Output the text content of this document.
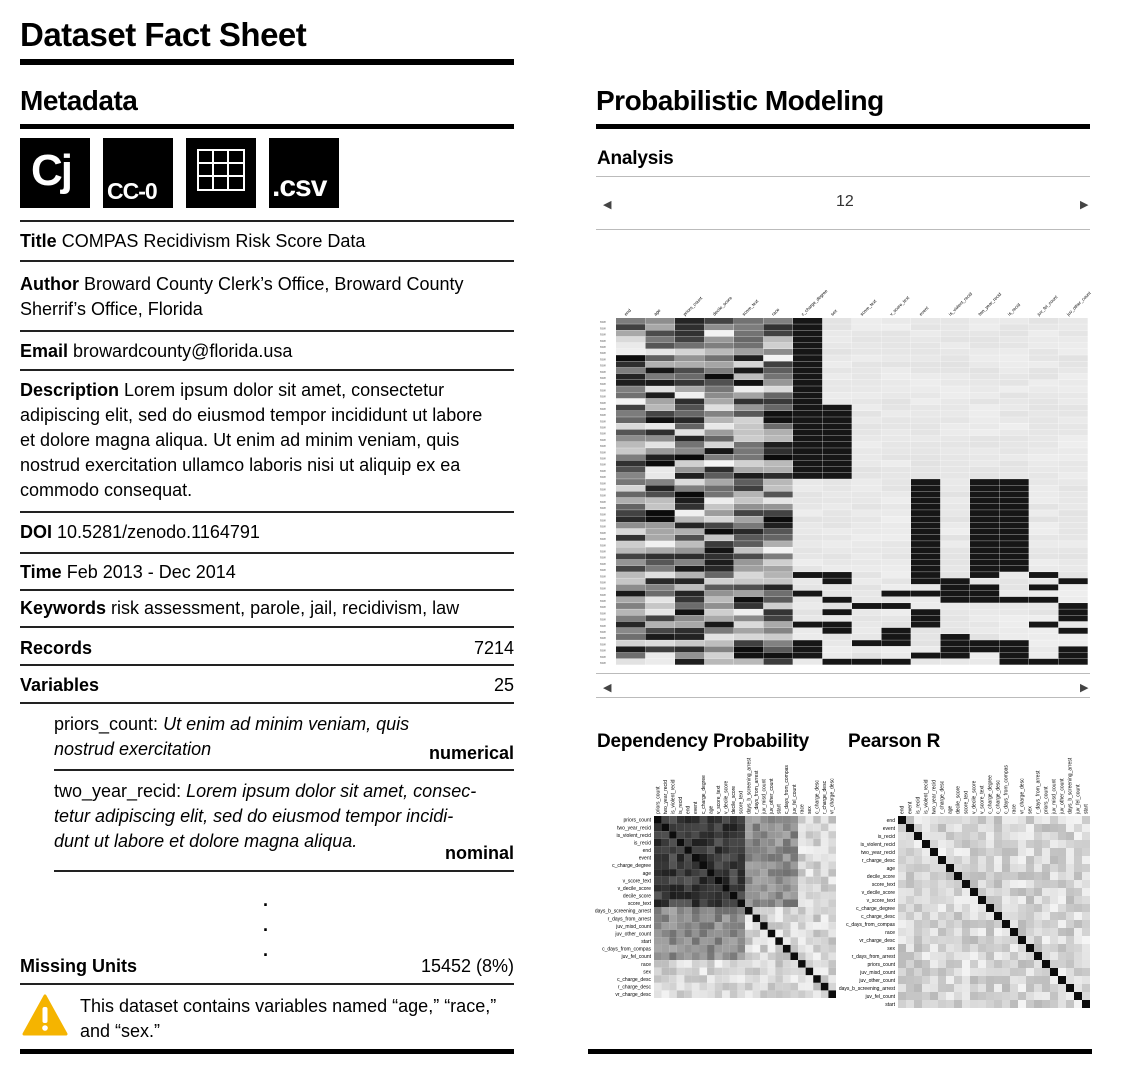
Dataset Fact Sheet
Metadata
Cj CC-0	.csv
Title COMPAS Recidivism Risk Score Data
Author Broward County Clerk’s Office, Broward County
Sherrif’s Office, Florida
Email browardcounty@florida.usa
Description Lorem ipsum dolor sit amet, consectetur
adipiscing elit, sed do eiusmod tempor incididunt ut labore
et dolore magna aliqua. Ut enim ad minim veniam, quis
nostrud exercitation ullamco laboris nisi ut aliquip ex ea
commodo consequat.
DOI 10.5281/zenodo.1164791
Time Feb 2013 - Dec 2014
Keywords risk assessment, parole, jail, recidivism, law
Records	7214
Variables	25
priors_count: Ut enim ad minim veniam, quis
nostrud exercitation	numerical
two_year_recid: Lorem ipsum dolor sit amet, consec-
tetur adipiscing elit, sed do eiusmod tempor incidi-
dunt ut labore et dolore magna aliqua.
nominal
.
.
.
Missing Units	15452 (8%)
This dataset contains variables named “age,” “race,”
and “sex.”
Probabilistic Modeling
Analysis
◀	12	▶
end	age	priors_count decile_score score_text	race	c_charge_degree sex	score_text	v_score_text event	is_violent_recid two_year_recid is_recid	juv_fel_count juv_other_count
row
row
row
row
row
row
row
row
row
row
row
row
row
row
row
row
row
row
row
row
row
row
row
row
row
row
row
row
row
row
row
row
row
row
row
row
row
row
row
row
row
row
row
row
row
row
row
row
row
row
row
row
row
row
row
row
◀	▶
Dependency Probability
priors_count
priors_count
two_year_recid
two_year_recid
is_violent_recid
is_violent_recid
is_recid
is_recid
end
end
event
event
c_charge_degree
c_charge_degree
age
age
v_score_text
v_score_text
v_decile_score
v_decile_score
decile_score
decile_score
score_text
score_text
days_b_screening_arrest
days_b_screening_arrest
r_days_from_arrest
r_days_from_arrest
juv_misd_count
juv_misd_count
juv_other_count
juv_other_count
start
start
c_days_from_compas
c_days_from_compas
juv_fel_count
juv_fel_count
race
race
sex
sex
c_charge_desc
c_charge_desc
r_charge_desc
r_charge_desc
vr_charge_desc
vr_charge_desc
Pearson R
end
end
event
event
is_recid
is_recid
is_violent_recid
is_violent_recid
two_year_recid
two_year_recid
r_charge_desc
r_charge_desc
age
age
decile_score
decile_score
score_text
score_text
v_decile_score
v_decile_score
v_score_text
v_score_text
c_charge_degree
c_charge_degree
c_charge_desc
c_charge_desc
c_days_from_compas
c_days_from_compas
race
race
vr_charge_desc
vr_charge_desc
sex
sex
r_days_from_arrest
r_days_from_arrest
priors_count
priors_count
juv_misd_count
juv_misd_count
juv_other_count
juv_other_count
days_b_screening_arrest
days_b_screening_arrest
juv_fel_count
juv_fel_count
start
start
